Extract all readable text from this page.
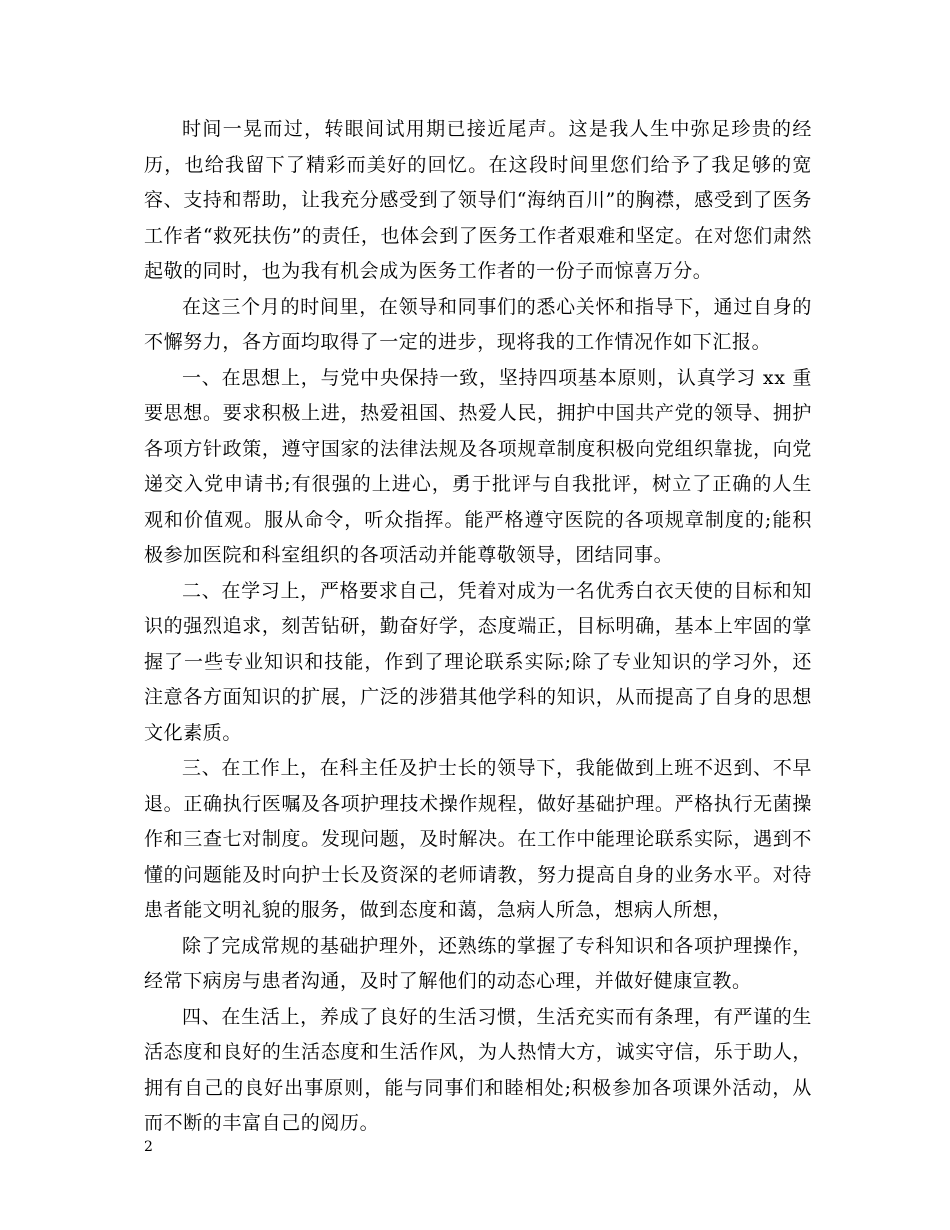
时间一晃而过，转眼间试用期已接近尾声。这是我人生中弥足珍贵的经历，也给我留下了精彩而美好的回忆。在这段时间里您们给予了我足够的宽容、支持和帮助，让我充分感受到了领导们“海纳百川”的胸襟，感受到了医务工作者“救死扶伤”的责任，也体会到了医务工作者艰难和坚定。在对您们肃然起敬的同时，也为我有机会成为医务工作者的一份子而惊喜万分。

在这三个月的时间里，在领导和同事们的悉心关怀和指导下，通过自身的不懈努力，各方面均取得了一定的进步，现将我的工作情况作如下汇报。

一、在思想上，与党中央保持一致，坚持四项基本原则，认真学习 xx 重要思想。要求积极上进，热爱祖国、热爱人民，拥护中国共产党的领导、拥护各项方针政策，遵守国家的法律法规及各项规章制度积极向党组织靠拢，向党递交入党申请书;有很强的上进心，勇于批评与自我批评，树立了正确的人生观和价值观。服从命令，听众指挥。能严格遵守医院的各项规章制度的;能积极参加医院和科室组织的各项活动并能尊敬领导，团结同事。

二、在学习上，严格要求自己，凭着对成为一名优秀白衣天使的目标和知识的强烈追求，刻苦钻研，勤奋好学，态度端正，目标明确，基本上牢固的掌握了一些专业知识和技能，作到了理论联系实际;除了专业知识的学习外，还注意各方面知识的扩展，广泛的涉猎其他学科的知识，从而提高了自身的思想文化素质。

三、在工作上，在科主任及护士长的领导下，我能做到上班不迟到、不早退。正确执行医嘱及各项护理技术操作规程，做好基础护理。严格执行无菌操作和三查七对制度。发现问题，及时解决。在工作中能理论联系实际，遇到不懂的问题能及时向护士长及资深的老师请教，努力提高自身的业务水平。对待患者能文明礼貌的服务，做到态度和蔼，急病人所急，想病人所想，

除了完成常规的基础护理外，还熟练的掌握了专科知识和各项护理操作，经常下病房与患者沟通，及时了解他们的动态心理，并做好健康宣教。

四、在生活上，养成了良好的生活习惯，生活充实而有条理，有严谨的生活态度和良好的生活态度和生活作风，为人热情大方，诚实守信，乐于助人，拥有自己的良好出事原则，能与同事们和睦相处;积极参加各项课外活动，从而不断的丰富自己的阅历。

2
